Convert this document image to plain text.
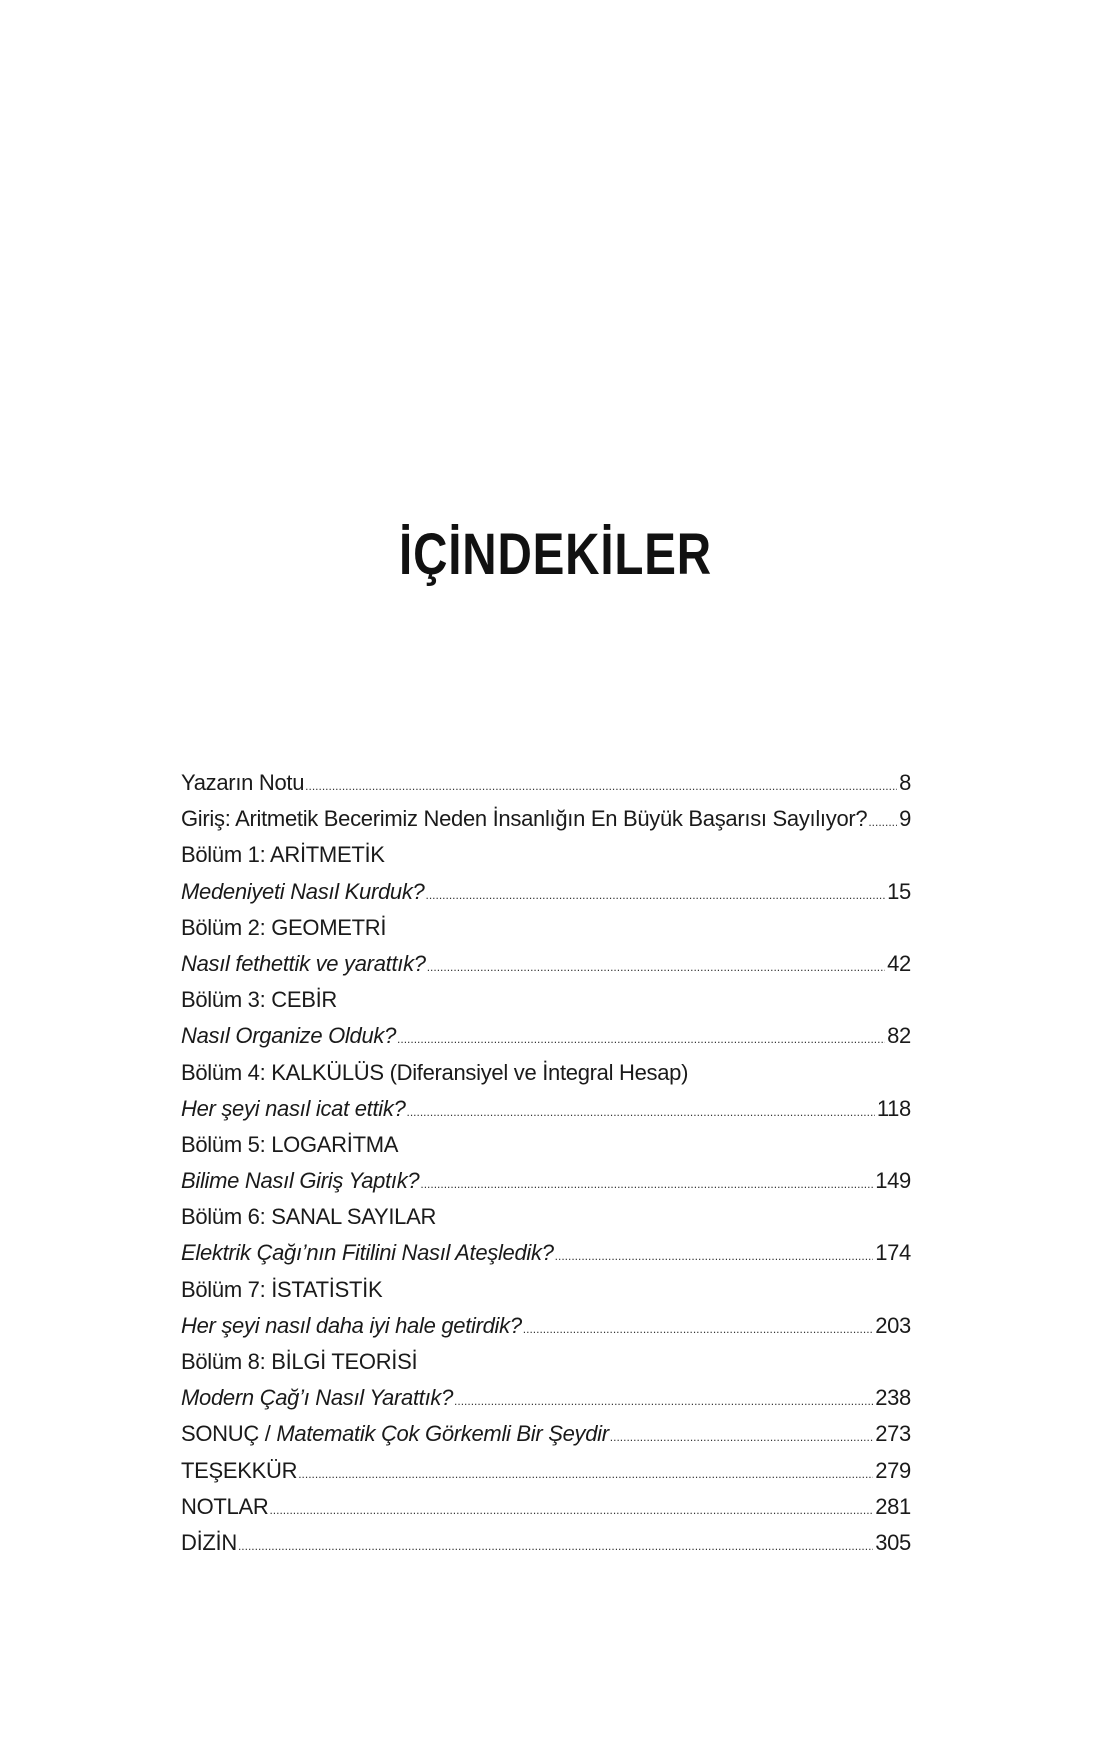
İÇİNDEKİLER
Yazarın Notu .....	8
Giriş: Aritmetik Becerimiz Neden İnsanlığın En Büyük Başarısı Sayılıyor? ..... 9
Bölüm 1: ARİTMETİK
Medeniyeti Nasıl Kurduk? .....	15
Bölüm 2: GEOMETRİ
Nasıl fethettik ve yarattık? .....	42
Bölüm 3: CEBİR
Nasıl Organize Olduk? .....	82
Bölüm 4: KALKÜLÜS (Diferansiyel ve İntegral Hesap)
Her şeyi nasıl icat ettik? .....	118
Bölüm 5: LOGARİTMA
Bilime Nasıl Giriş Yaptık? .....	149
Bölüm 6: SANAL SAYILAR
Elektrik Çağı’nın Fitilini Nasıl Ateşledik? .....	174
Bölüm 7: İSTATİSTİK
Her şeyi nasıl daha iyi hale getirdik? .....	203
Bölüm 8: BİLGİ TEORİSİ
Modern Çağ’ı Nasıl Yarattık? .....	238
SONUÇ / Matematik Çok Görkemli Bir Şeydir .....	273
TEŞEKKÜR .....	279
NOTLAR .....	281
DİZİN .....	305
